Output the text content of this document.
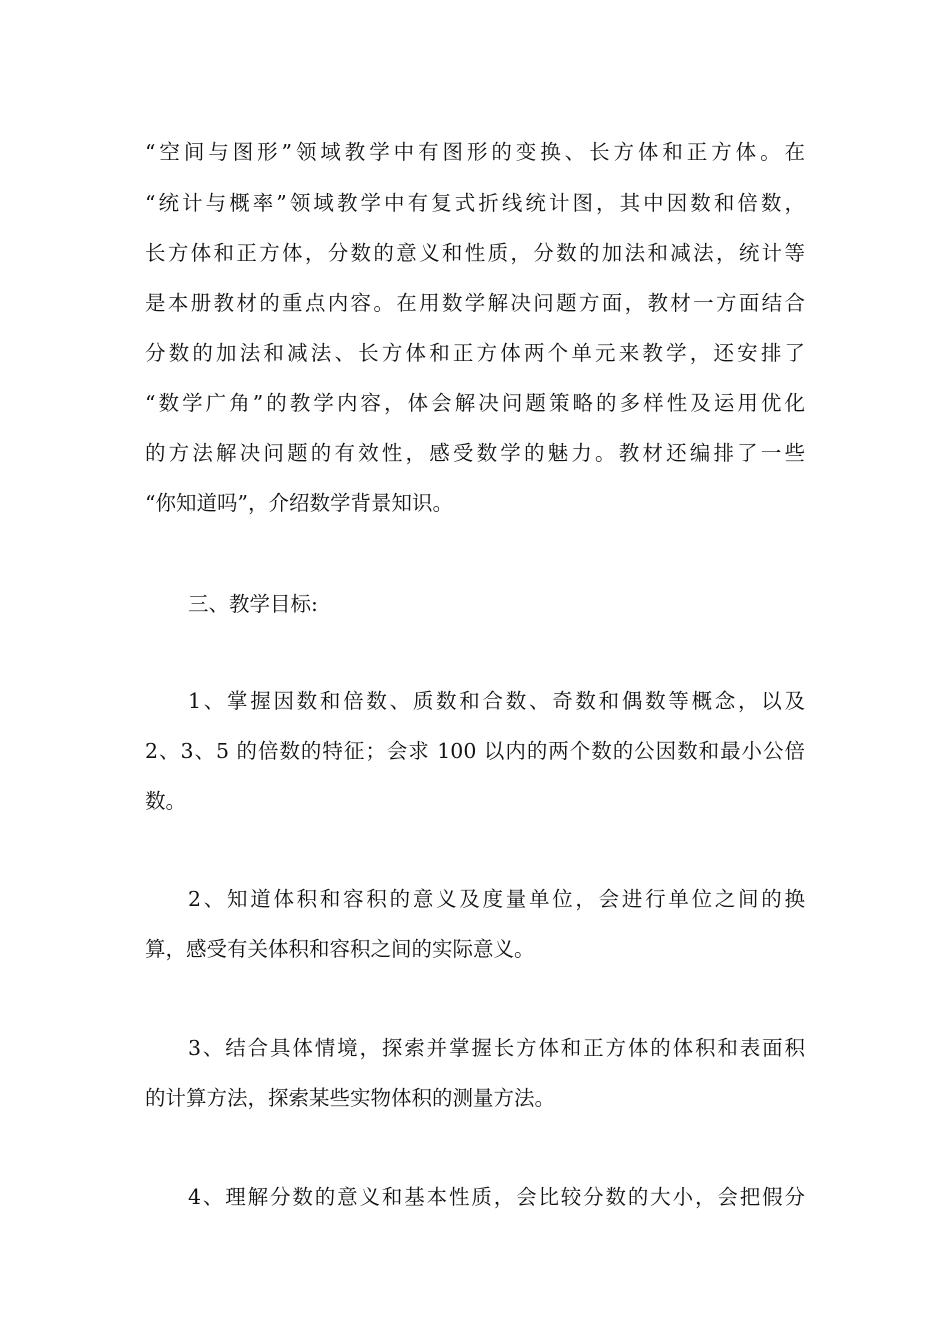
“空间与图形”领域教学中有图形的变换、长方体和正方体。在
“统计与概率”领域教学中有复式折线统计图，其中因数和倍数，
长方体和正方体，分数的意义和性质，分数的加法和减法，统计等
是本册教材的重点内容。在用数学解决问题方面，教材一方面结合
分数的加法和减法、长方体和正方体两个单元来教学，还安排了
“数学广角”的教学内容，体会解决问题策略的多样性及运用优化
的方法解决问题的有效性，感受数学的魅力。教材还编排了一些
“你知道吗”，介绍数学背景知识。
三、教学目标:
1、掌握因数和倍数、质数和合数、奇数和偶数等概念，以及
2、3、5 的倍数的特征；会求 100 以内的两个数的公因数和最小公倍
数。
2、知道体积和容积的意义及度量单位，会进行单位之间的换
算，感受有关体积和容积之间的实际意义。
3、结合具体情境，探索并掌握长方体和正方体的体积和表面积
的计算方法，探索某些实物体积的测量方法。
4、理解分数的意义和基本性质，会比较分数的大小，会把假分
